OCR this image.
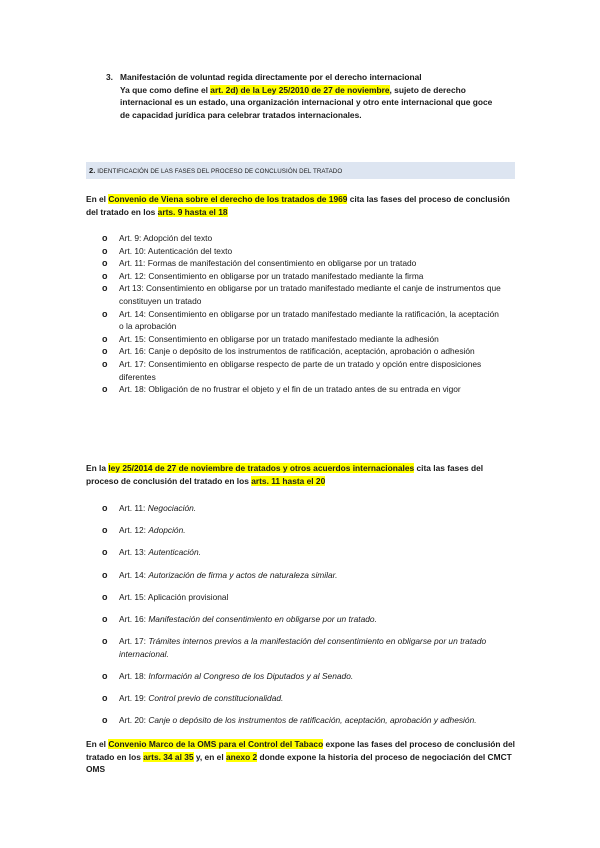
3. Manifestación de voluntad regida directamente por el derecho internacional
Ya que como define el art. 2d) de la Ley 25/2010 de 27 de noviembre, sujeto de derecho
internacional es un estado, una organización internacional y otro ente internacional que goce
de capacidad jurídica para celebrar tratados internacionales.
2. IDENTIFICACIÓN DE LAS FASES DEL PROCESO DE CONCLUSIÓN DEL TRATADO
En el Convenio de Viena sobre el derecho de los tratados de 1969 cita las fases del proceso de conclusión del tratado en los arts. 9 hasta el 18
o Art. 9: Adopción del texto
o Art. 10: Autenticación del texto
o Art. 11: Formas de manifestación del consentimiento en obligarse por un tratado
o Art. 12: Consentimiento en obligarse por un tratado manifestado mediante la firma
o Art 13: Consentimiento en obligarse por un tratado manifestado mediante el canje de instrumentos que constituyen un tratado
o Art. 14: Consentimiento en obligarse por un tratado manifestado mediante la ratificación, la aceptación
o la aprobación
o Art. 15: Consentimiento en obligarse por un tratado manifestado mediante la adhesión
o Art. 16: Canje o depósito de los instrumentos de ratificación, aceptación, aprobación o adhesión
o Art. 17: Consentimiento en obligarse respecto de parte de un tratado y opción entre disposiciones diferentes
o Art. 18: Obligación de no frustrar el objeto y el fin de un tratado antes de su entrada en vigor
En la ley 25/2014 de 27 de noviembre de tratados y otros acuerdos internacionales cita las fases del proceso de conclusión del tratado en los arts. 11 hasta el 20
o Art. 11: Negociación.
o Art. 12: Adopción.
o Art. 13: Autenticación.
o Art. 14: Autorización de firma y actos de naturaleza similar.
o Art. 15: Aplicación provisional
o Art. 16: Manifestación del consentimiento en obligarse por un tratado.
o Art. 17: Trámites internos previos a la manifestación del consentimiento en obligarse por un tratado internacional.
o Art. 18: Información al Congreso de los Diputados y al Senado.
o Art. 19: Control previo de constitucionalidad.
o Art. 20: Canje o depósito de los instrumentos de ratificación, aceptación, aprobación y adhesión.
En el Convenio Marco de la OMS para el Control del Tabaco expone las fases del proceso de conclusión del tratado en los arts. 34 al 35 y, en el anexo 2 donde expone la historia del proceso de negociación del CMCT OMS
